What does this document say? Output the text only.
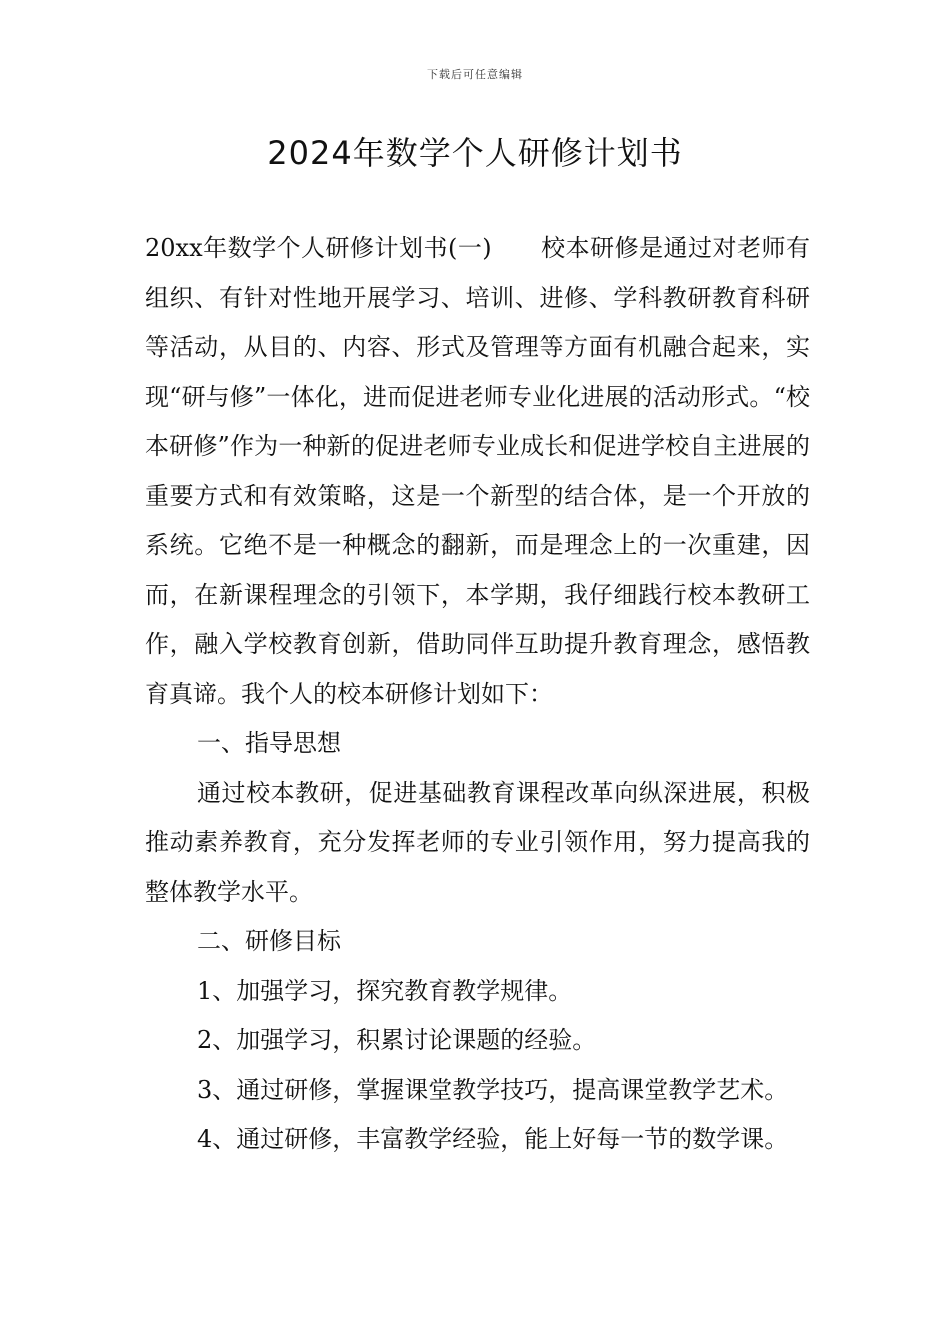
下载后可任意编辑
2024年数学个人研修计划书

20xx年数学个人研修计划书(一)　　校本研修是通过对老师有组织、有针对性地开展学习、培训、进修、学科教研教育科研等活动，从目的、内容、形式及管理等方面有机融合起来，实现“研与修”一体化，进而促进老师专业化进展的活动形式。“校本研修”作为一种新的促进老师专业成长和促进学校自主进展的重要方式和有效策略，这是一个新型的结合体，是一个开放的系统。它绝不是一种概念的翻新，而是理念上的一次重建，因而，在新课程理念的引领下，本学期，我仔细践行校本教研工作，融入学校教育创新，借助同伴互助提升教育理念，感悟教育真谛。我个人的校本研修计划如下：

一、指导思想

通过校本教研，促进基础教育课程改革向纵深进展，积极推动素养教育，充分发挥老师的专业引领作用，努力提高我的整体教学水平。

二、研修目标

1、加强学习，探究教育教学规律。

2、加强学习，积累讨论课题的经验。

3、通过研修，掌握课堂教学技巧，提高课堂教学艺术。

4、通过研修，丰富教学经验，能上好每一节的数学课。
